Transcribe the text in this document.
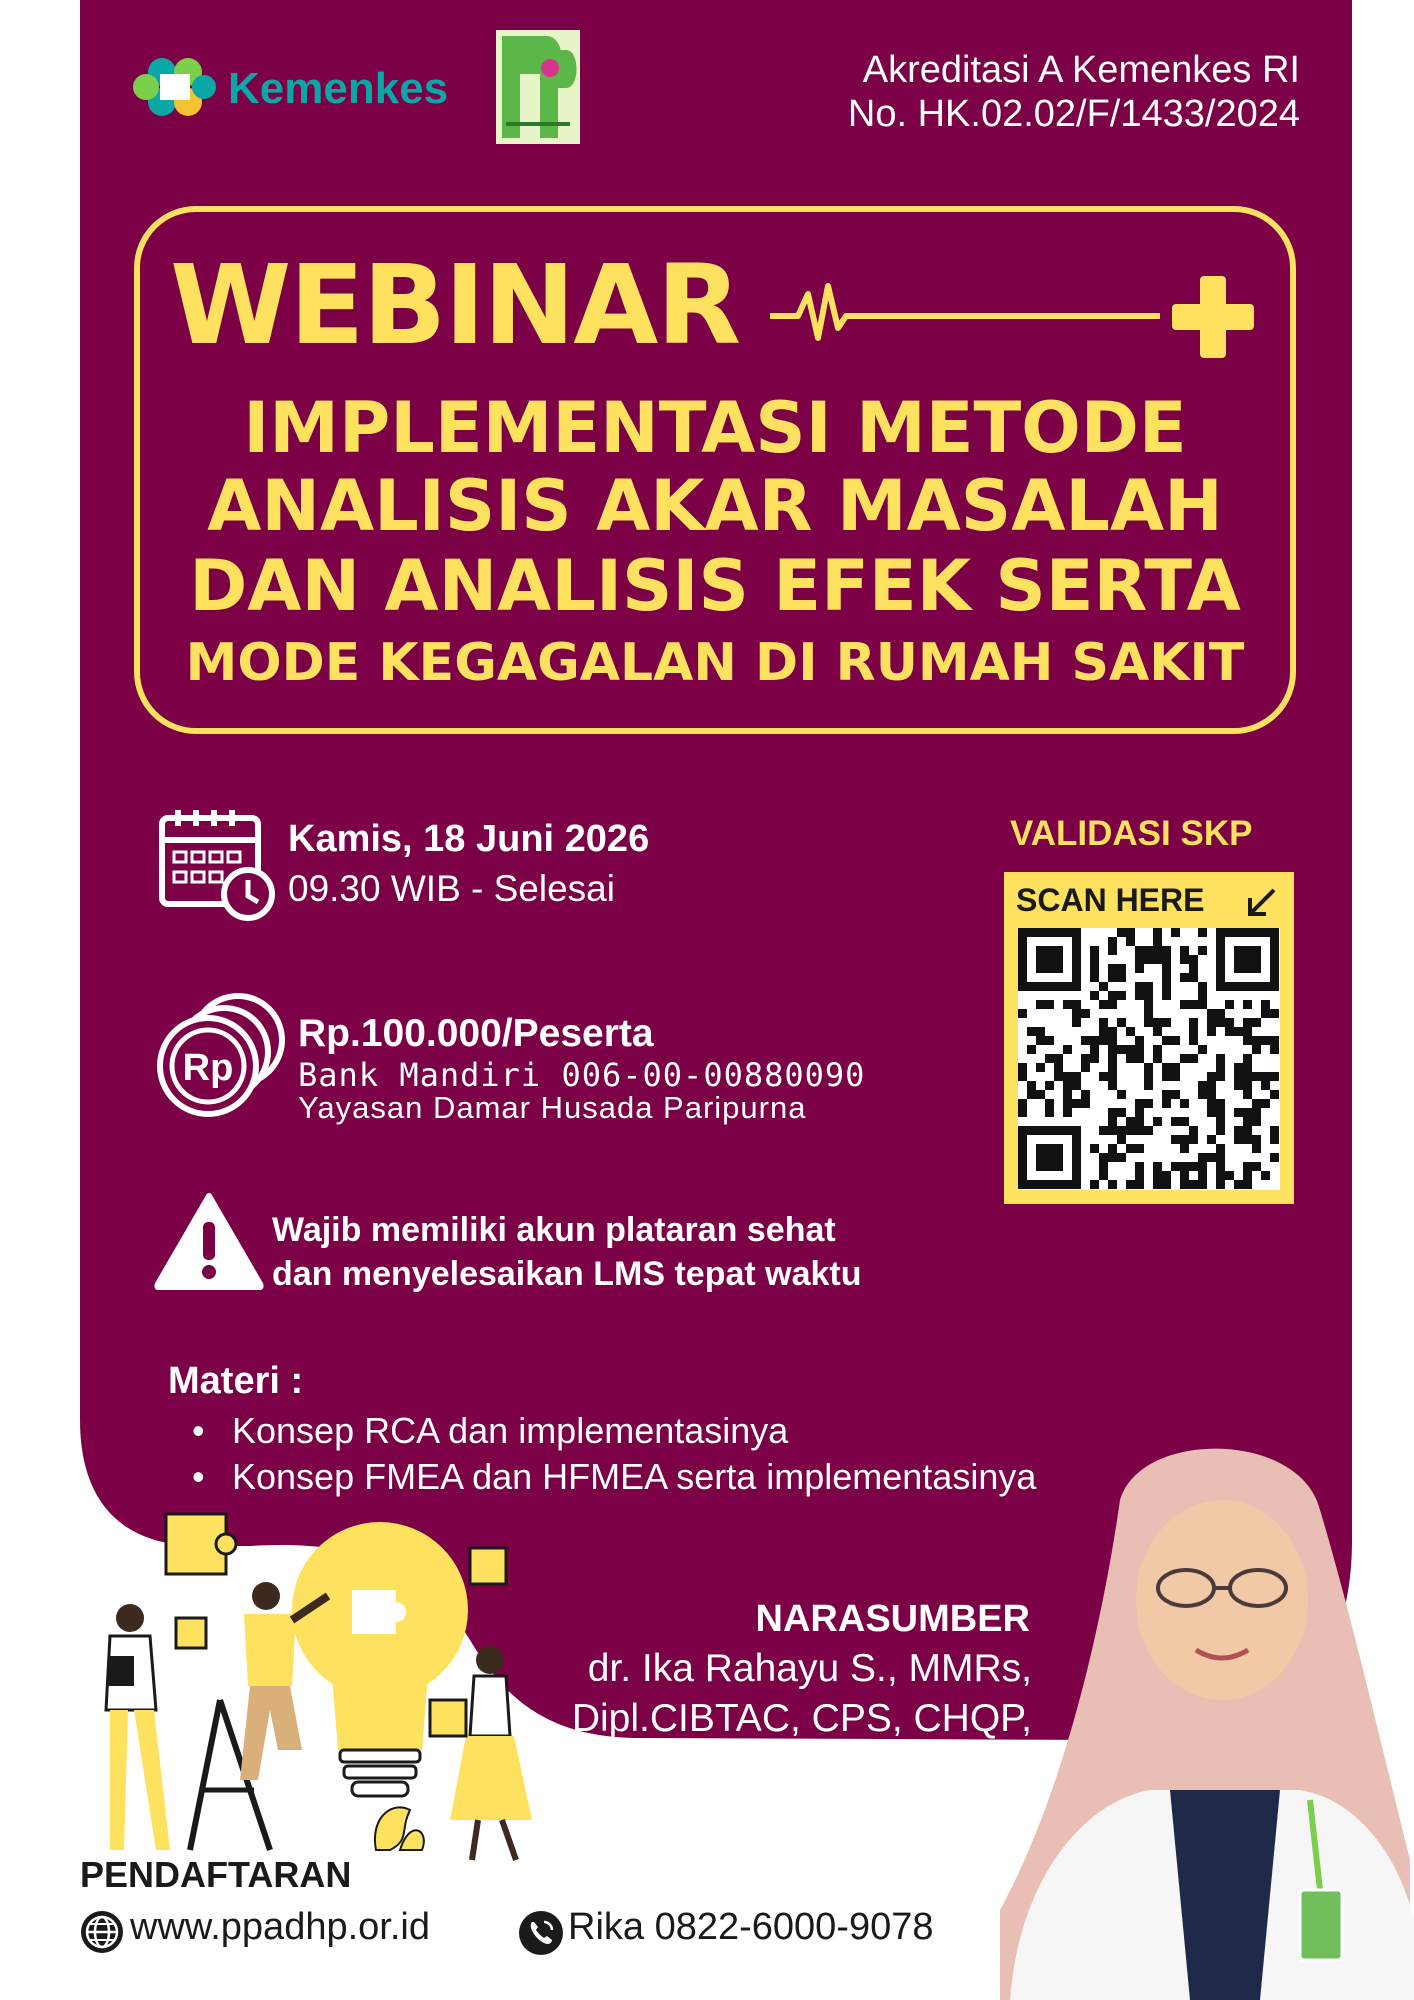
Kemenkes	Akreditasi A Kemenkes RI
No. HK.02.02/F/1433/2024
WEBINAR
IMPLEMENTASI METODE
ANALISIS AKAR MASALAH
DAN ANALISIS EFEK SERTA
MODE KEGAGALAN DI RUMAH SAKIT
Kamis, 18 Juni 2026
09.30 WIB - Selesai
Rp
Rp.100.000/Peserta
Bank Mandiri 006-00-00880090
Yayasan Damar Husada Paripurna
Wajib memiliki akun plataran sehat
dan menyelesaikan LMS tepat waktu
VALIDASI SKP
SCAN HERE
Materi :
• Konsep RCA dan implementasinya
• Konsep FMEA dan HFMEA serta implementasinya
NARASUMBER
dr. Ika Rahayu S., MMRs,
Dipl.CIBTAC, CPS, CHQP,
CRM, FISQua
PENDAFTARAN
www.ppadhp.or.id	Rika 0822-6000-9078
